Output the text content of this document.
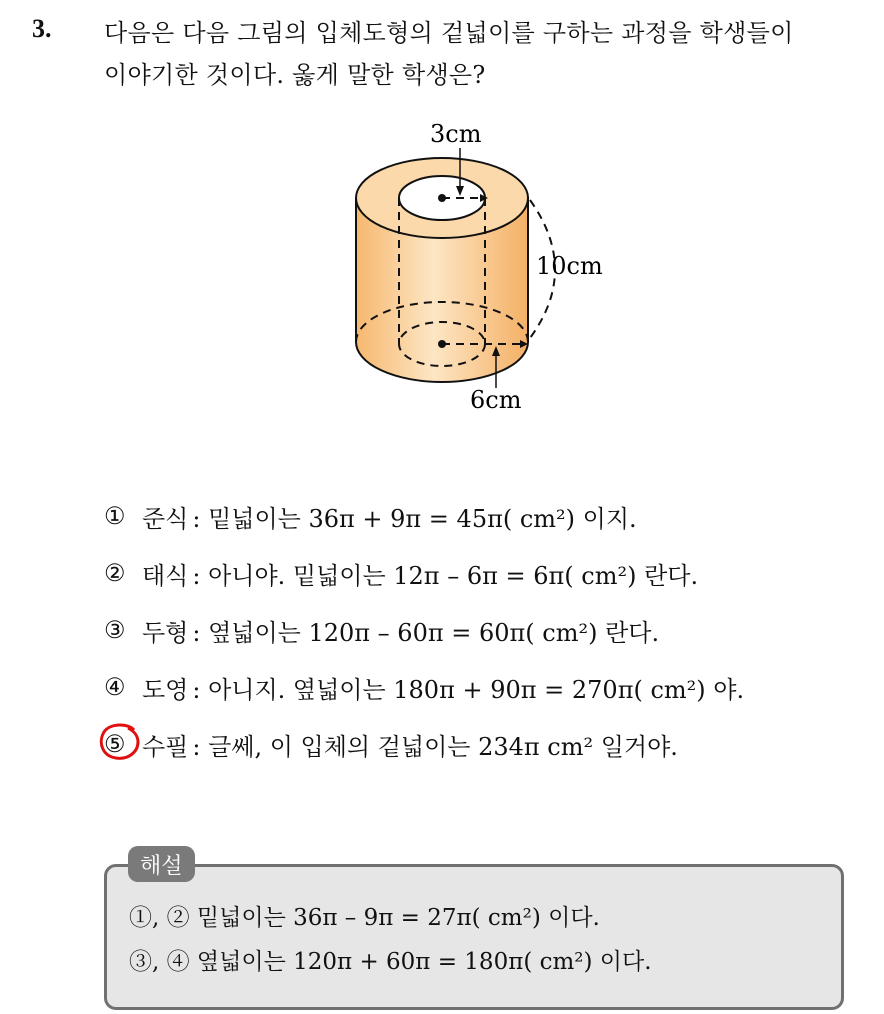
3. 다음은 다음 그림의 입체도형의 겉넓이를 구하는 과정을 학생들이
이야기한 것이다. 옳게 말한 학생은?
3cm
10cm
6cm
① 준식 : 밑넓이는 36π + 9π = 45π( cm²) 이지.
② 태식 : 아니야. 밑넓이는 12π – 6π = 6π( cm²) 란다.
③ 두형 : 옆넓이는 120π – 60π = 60π( cm²) 란다.
④ 도영 : 아니지. 옆넓이는 180π + 90π = 270π( cm²) 야.
⑤ 수필 : 글쎄, 이 입체의 겉넓이는 234π cm² 일거야.
①, ② 밑넓이는 36π – 9π = 27π( cm²) 이다.
③, ④ 옆넓이는 120π + 60π = 180π( cm²) 이다.
해설
